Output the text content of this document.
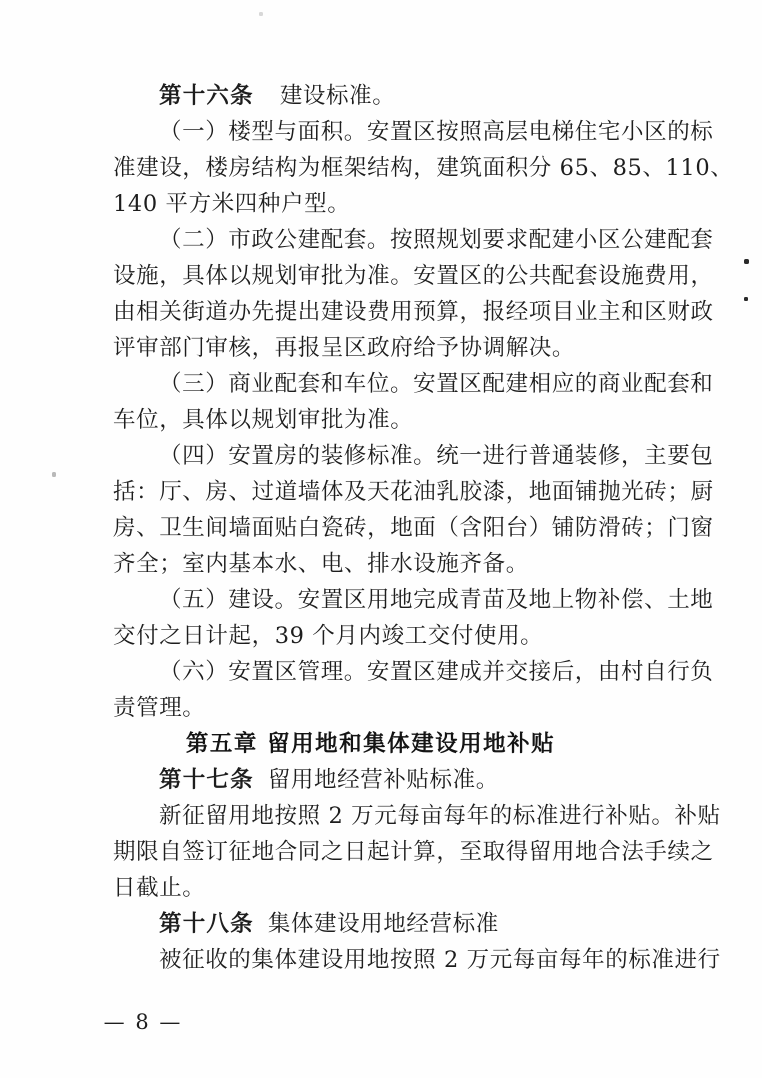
第十六条 建设标准。
（一）楼型与面积。安置区按照高层电梯住宅小区的标
准建设，楼房结构为框架结构，建筑面积分 65、85、110、
140 平方米四种户型。
（二）市政公建配套。按照规划要求配建小区公建配套
设施，具体以规划审批为准。安置区的公共配套设施费用，
由相关街道办先提出建设费用预算，报经项目业主和区财政
评审部门审核，再报呈区政府给予协调解决。
（三）商业配套和车位。安置区配建相应的商业配套和
车位，具体以规划审批为准。
（四）安置房的装修标准。统一进行普通装修，主要包
括：厅、房、过道墙体及天花油乳胶漆，地面铺抛光砖；厨
房、卫生间墙面贴白瓷砖，地面（含阳台）铺防滑砖；门窗
齐全；室内基本水、电、排水设施齐备。
（五）建设。安置区用地完成青苗及地上物补偿、土地
交付之日计起，39 个月内竣工交付使用。
（六）安置区管理。安置区建成并交接后，由村自行负
责管理。
第五章 留用地和集体建设用地补贴
第十七条 留用地经营补贴标准。
新征留用地按照 2 万元每亩每年的标准进行补贴。补贴
期限自签订征地合同之日起计算，至取得留用地合法手续之
日截止。
第十八条 集体建设用地经营标准
被征收的集体建设用地按照 2 万元每亩每年的标准进行
— 8 —
